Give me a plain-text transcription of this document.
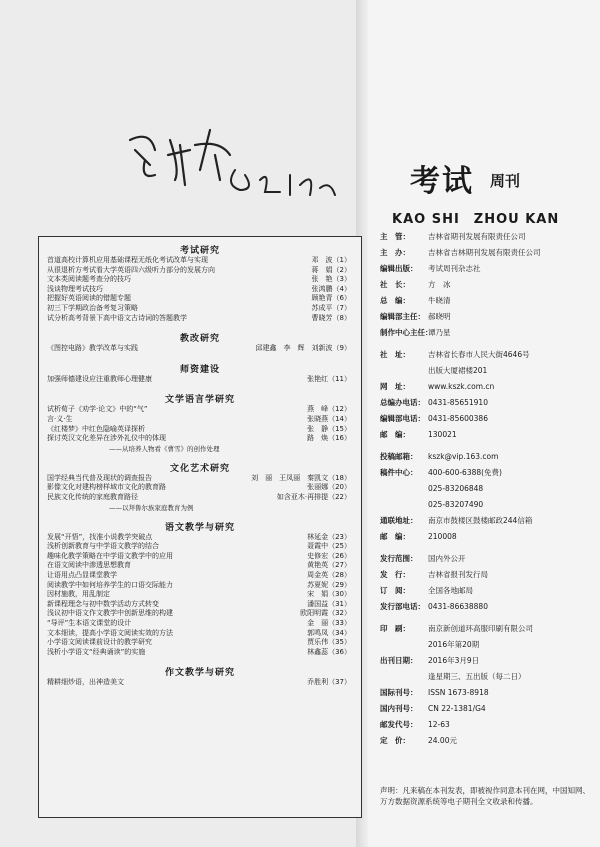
考试研究
首道高校计算机应用基础课程无纸化考试改革与实现	邓　波（1）
从很退析方考试看大学英语四六级听力部分的发展方向	蒋　娟（2）
文本类阅读题考查分的技巧	张　艳（3）
浅谈物理考试技巧	张鸿鹏（4）
把握好英语阅读的错题专题	顾艳青（6）
初三下学期政治备考复习策略	苏成平（7）
试分析高考背景下高中语文古诗词的答题教学	曹晓芳（8）
教改研究
《图控电路》教学改革与实践	邱建鑫　李　辉　刘新波（9）
师资建设
加强师德建设应注重教师心理健康	张艳红（11）
文学语言学研究
试析荀子《劝学·论文》中的“气”	燕　峰（12）
言·义·生	张晓燕（14）
《红楼梦》中红色隐喻英译探析	张　静（15）
探讨英汉文化差异在涉外礼仪中的体现	路　焕（16）
——从培养人物看《曹雪》的创作处理
文化艺术研究
国学经典当代普及现状的调查报告	刘　丽　王凤丽　秦凯文（18）
影像文化对建构榜样域市文化的教育路	张丽娜（20）
民族文化传统的家庭教育路径	如含亚木·再排提（22）
——以拜鲁尔族家庭教育为例
语文教学与研究
发展“开悟”，找准小说教学突破点	林延金（23）
浅析创新教育与中学语文教学的结合	聂霞中（25）
趣味化教学策略在中学语文教学中的应用	史修宏（26）
在语文阅读中渗透思想教育	黄艳英（27）
让语用点凸显课堂教学	周金英（28）
阅读教学中如何培养学生的口语交际能力	苏夏妮（29）
因材施教，用乱制定	宋　娟（30）
新课程理念与初中数学活动方式转变	潘国益（31）
浅议初中语文作文教学中创新思维的构建	欧阳明霞（32）
“导评”生本语文课堂的设计	金　丽（33）
文本细读，提高小学语文阅读实效的方法	郭鸣凤（34）
小学语文阅读课前设计的教学研究	贾乐伟（35）
浅析小学语文“经典诵读”的实施	林鑫蕊（36）
作文教学与研究
精耕细炒语，出神造美文	乔胜利（37）
考试 周刊
KAO SHI　ZHOU KAN
主　管： 吉林省期刊发展有限责任公司
主　办： 吉林省吉林期刊发展有限责任公司
编辑出版： 考试周刊杂志社
社　长： 方　冰
总　编： 牛晓清
编辑部主任： 郝晓明
制作中心主任：谭乃星
社　址： 吉林省长春市人民大街4646号
出版大厦裙楼201
网　址： www.kszk.com.cn
总编办电话： 0431-85651910
编辑部电话： 0431-85600386
邮　编： 130021
投稿邮箱： kszk@vip.163.com
稿件中心： 400-600-6388(免费)
025-83206848
025-83207490
通联地址： 南京市鼓楼区鼓楼邮政244信箱
邮　编： 210008
发行范围： 国内外公开
发　行： 吉林省报刊发行局
订　阅： 全国各地邮局
发行部电话： 0431-86638880
印　刷： 南京新创道环高服印刷有限公司
2016年第20期
出刊日期： 2016年3月9日
逢星期三、五出版（每二日）
国际刊号： ISSN 1673-8918
国内刊号： CN 22-1381/G4
邮发代号： 12-63
定　价： 24.00元
声明：凡来稿在本刊发表，即被视作同意本刊在网，中国知网、万方数据资源系统等电子期刊全文收录和传播。
